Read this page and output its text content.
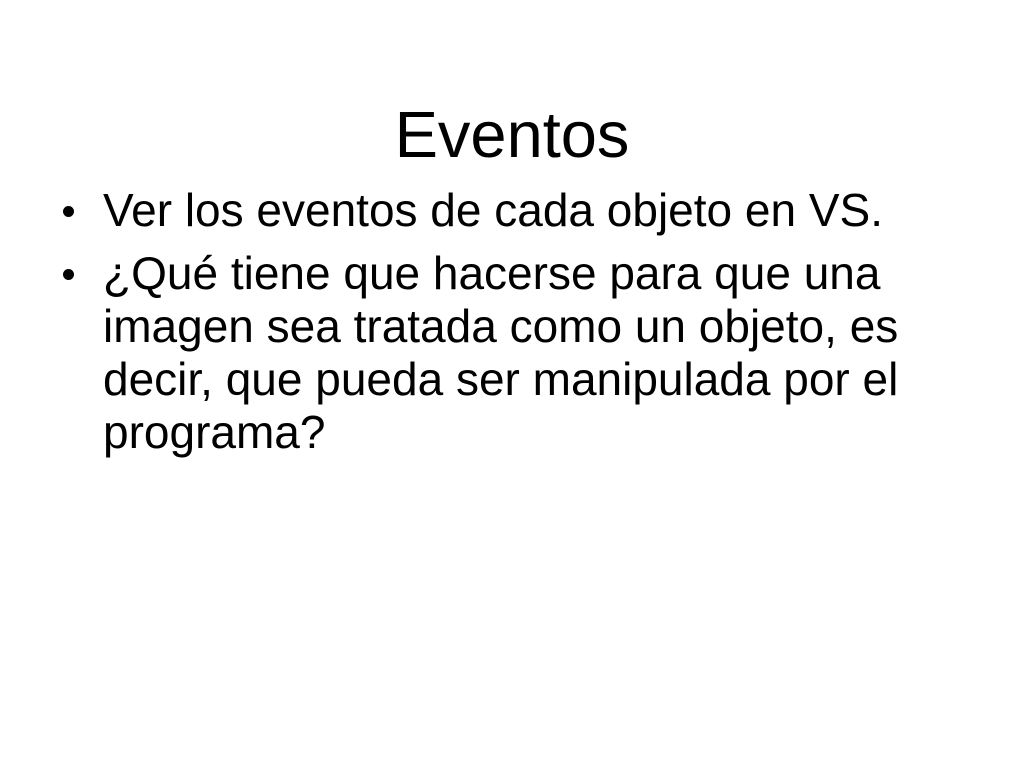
Eventos
Ver los eventos de cada objeto en VS.
¿Qué tiene que hacerse para que una imagen sea tratada como un objeto, es decir, que pueda ser manipulada por el programa?
